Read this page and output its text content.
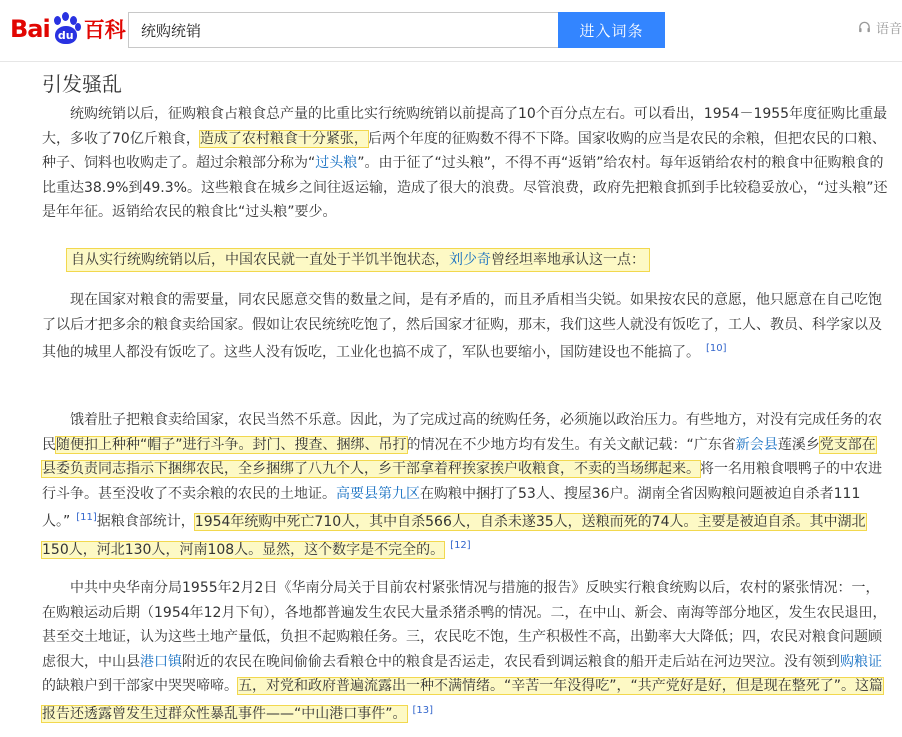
Bai du 百科
统购统销	进入词条	语音
引发骚乱

统购统销以后，征购粮食占粮食总产量的比重比实行统购统销以前提高了10个百分点左右。可以看出，1954－1955年度征购比重最大，多收了70亿斤粮食，造成了农村粮食十分紧张，后两个年度的征购数不得不下降。国家收购的应当是农民的余粮，但把农民的口粮、种子、饲料也收购走了。超过余粮部分称为“过头粮”。由于征了“过头粮”，不得不再“返销”给农村。每年返销给农村的粮食中征购粮食的比重达38.9%到49.3%。这些粮食在城乡之间往返运输，造成了很大的浪费。尽管浪费，政府先把粮食抓到手比较稳妥放心，“过头粮”还是年年征。返销给农民的粮食比“过头粮”要少。

自从实行统购统销以后，中国农民就一直处于半饥半饱状态，刘少奇曾经坦率地承认这一点：

现在国家对粮食的需要量，同农民愿意交售的数量之间，是有矛盾的，而且矛盾相当尖锐。如果按农民的意愿，他只愿意在自己吃饱了以后才把多余的粮食卖给国家。假如让农民统统吃饱了，然后国家才征购，那末，我们这些人就没有饭吃了，工人、教员、科学家以及其他的城里人都没有饭吃了。这些人没有饭吃，工业化也搞不成了，军队也要缩小，国防建设也不能搞了。 [10]

饿着肚子把粮食卖给国家，农民当然不乐意。因此，为了完成过高的统购任务，必须施以政治压力。有些地方，对没有完成任务的农民随便扣上种种“帽子”进行斗争。封门、搜查、捆绑、吊打的情况在不少地方均有发生。有关文献记载：“广东省新会县莲溪乡党支部在县委负责同志指示下捆绑农民，全乡捆绑了八九个人，乡干部拿着秤挨家挨户收粮食，不卖的当场绑起来。将一名用粮食喂鸭子的中农进行斗争。甚至没收了不卖余粮的农民的土地证。高要县第九区在购粮中捆打了53人、搜屋36户。湖南全省因购粮问题被迫自杀者111人。” [11]据粮食部统计，1954年统购中死亡710人，其中自杀566人，自杀未遂35人，送粮而死的74人。主要是被迫自杀。其中湖北150人，河北130人，河南108人。显然，这个数字是不完全的。 [12]

中共中央华南分局1955年2月2日《华南分局关于目前农村紧张情况与措施的报告》反映实行粮食统购以后，农村的紧张情况：一，在购粮运动后期（1954年12月下旬），各地都普遍发生农民大量杀猪杀鸭的情况。二，在中山、新会、南海等部分地区，发生农民退田，甚至交土地证，认为这些土地产量低，负担不起购粮任务。三，农民吃不饱，生产积极性不高，出勤率大大降低；四，农民对粮食问题顾虑很大，中山县港口镇附近的农民在晚间偷偷去看粮仓中的粮食是否运走，农民看到调运粮食的船开走后站在河边哭泣。没有领到购粮证的缺粮户到干部家中哭哭啼啼。五，对党和政府普遍流露出一种不满情绪。“辛苦一年没得吃”，“共产党好是好，但是现在整死了”。这篇报告还透露曾发生过群众性暴乱事件——“中山港口事件”。 [13]
